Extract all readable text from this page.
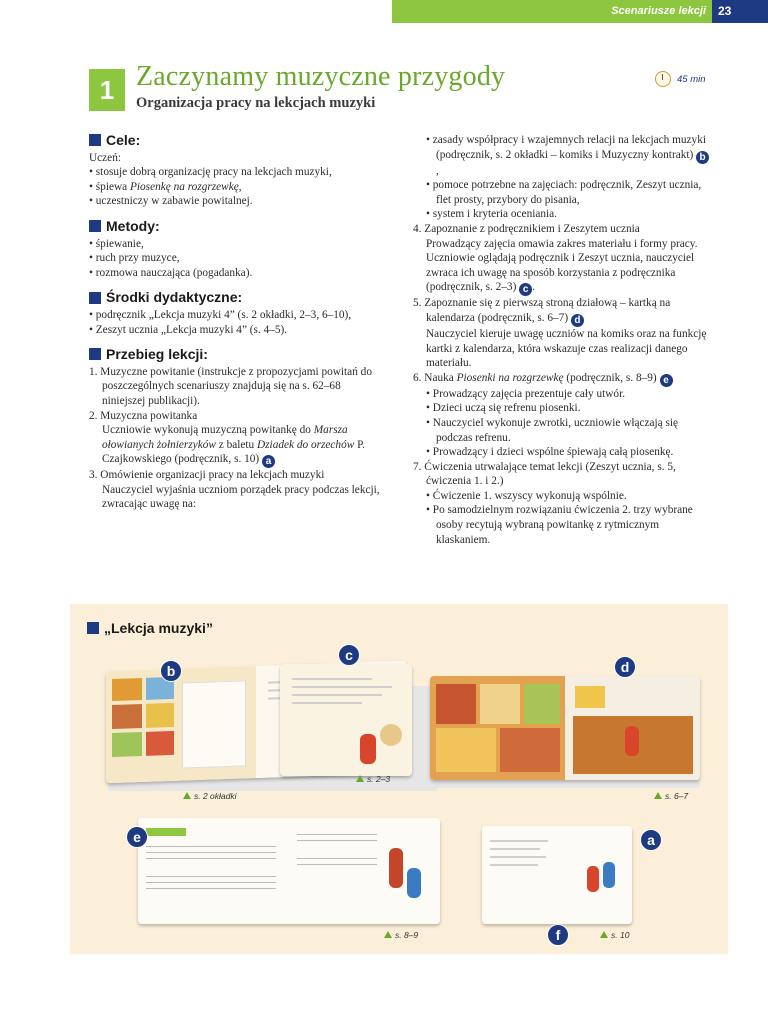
Scenariusze lekcji	23
1 Zaczynamy muzyczne przygody
Organizacja pracy na lekcjach muzyki
45 min
Cele:
Uczeń:
• stosuje dobrą organizację pracy na lekcjach muzyki,
• śpiewa Piosenkę na rozgrzewkę,
• uczestniczy w zabawie powitalnej.
Metody:
• śpiewanie,
• ruch przy muzyce,
• rozmowa nauczająca (pogadanka).
Środki dydaktyczne:
• podręcznik „Lekcja muzyki 4” (s. 2 okładki, 2–3, 6–10),
• Zeszyt ucznia „Lekcja muzyki 4” (s. 4–5).
Przebieg lekcji:
1. Muzyczne powitanie (instrukcje z propozycjami powitań do poszczególnych scenariuszy znajdują się na s. 62–68 niniejszej publikacji).
2. Muzyczna powitanka
Uczniowie wykonują muzyczną powitankę do Marsza ołowianych żołnierzyków z baletu Dziadek do orzechów P. Czajkowskiego (podręcznik, s. 10) a
3. Omówienie organizacji pracy na lekcjach muzyki
Nauczyciel wyjaśnia uczniom porządek pracy podczas lekcji, zwracając uwagę na:
• zasady współpracy i wzajemnych relacji na lekcjach muzyki (podręcznik, s. 2 okładki – komiks i Muzyczny kontrakt) b,
• pomoce potrzebne na zajęciach: podręcznik, Zeszyt ucznia, flet prosty, przybory do pisania,
• system i kryteria oceniania.
4. Zapoznanie z podręcznikiem i Zeszytem ucznia
Prowadzący zajęcia omawia zakres materiału i formy pracy. Uczniowie oglądają podręcznik i Zeszyt ucznia, nauczyciel zwraca ich uwagę na sposób korzystania z podręcznika (podręcznik, s. 2–3) c .
5. Zapoznanie się z pierwszą stroną działową – kartką na kalendarza (podręcznik, s. 6–7) d
Nauczyciel kieruje uwagę uczniów na komiks oraz na funkcję kartki z kalendarza, która wskazuje czas realizacji danego materiału.
6. Nauka Piosenki na rozgrzewkę (podręcznik, s. 8–9) e
• Prowadzący zajęcia prezentuje cały utwór.
• Dzieci uczą się refrenu piosenki.
• Nauczyciel wykonuje zwrotki, uczniowie włączają się podczas refrenu.
• Prowadzący i dzieci wspólne śpiewają całą piosenkę.
7. Ćwiczenia utrwalające temat lekcji (Zeszyt ucznia, s. 5, ćwiczenia 1. i 2.)
• Ćwiczenie 1. wszyscy wykonują wspólnie.
• Po samodzielnym rozwiązaniu ćwiczenia 2. trzy wybrane osoby recytują wybraną powitankę z rytmicznym klaskaniem.
„Lekcja muzyki”
b
c
d
e	a
f
s. 2 okładki
s. 2–3
s. 6–7
s. 8–9	s. 10
